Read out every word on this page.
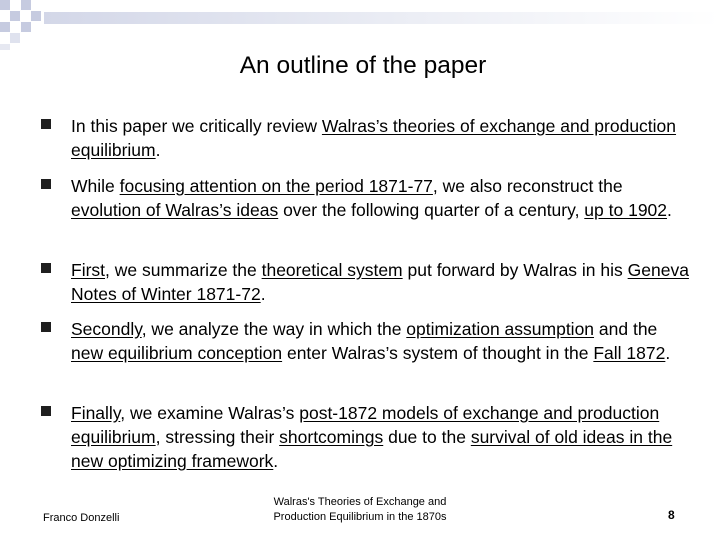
An outline of the paper
In this paper we critically review Walras’s theories of exchange and production equilibrium.
While focusing attention on the period 1871-77, we also reconstruct the evolution of Walras’s ideas over the following quarter of a century, up to 1902.
First, we summarize the theoretical system put forward by Walras in his Geneva Notes of Winter 1871-72.
Secondly, we analyze the way in which the optimization assumption and the new equilibrium conception enter Walras’s system of thought in the Fall 1872.
Finally, we examine Walras’s post-1872 models of exchange and production equilibrium, stressing their shortcomings due to the survival of old ideas in the new optimizing framework.
Franco Donzelli
Walras's Theories of Exchange and
Production Equilibrium in the 1870s	8
